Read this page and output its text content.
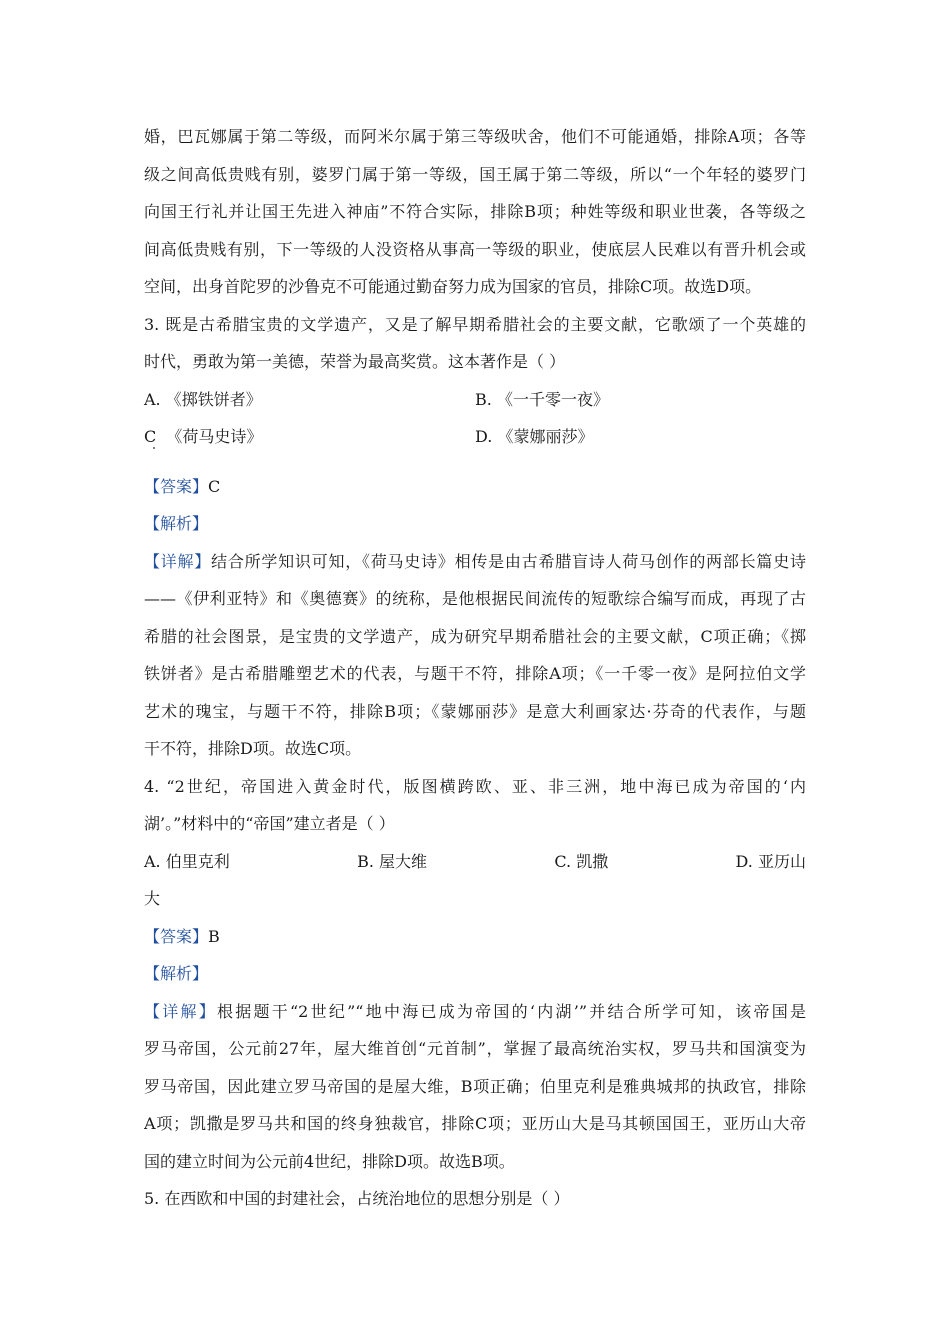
婚，巴瓦娜属于第二等级，而阿米尔属于第三等级吠舍，他们不可能通婚，排除A项；各等
级之间高低贵贱有别，婆罗门属于第一等级，国王属于第二等级，所以“一个年轻的婆罗门
向国王行礼并让国王先进入神庙”不符合实际，排除B项；种姓等级和职业世袭，各等级之
间高低贵贱有别，下一等级的人没资格从事高一等级的职业，使底层人民难以有晋升机会或
空间，出身首陀罗的沙鲁克不可能通过勤奋努力成为国家的官员，排除C项。故选D项。
3. 既是古希腊宝贵的文学遗产，又是了解早期希腊社会的主要文献，它歌颂了一个英雄的
时代，勇敢为第一美德，荣誉为最高奖赏。这本著作是（ ）
A. 《掷铁饼者》	B. 《一千零一夜》
C 《荷马史诗》	D. 《蒙娜丽莎》
【答案】C
【解析】
【详解】结合所学知识可知，《荷马史诗》相传是由古希腊盲诗人荷马创作的两部长篇史诗
——《伊利亚特》和《奥德赛》的统称，是他根据民间流传的短歌综合编写而成，再现了古
希腊的社会图景，是宝贵的文学遗产，成为研究早期希腊社会的主要文献，C项正确；《掷
铁饼者》是古希腊雕塑艺术的代表，与题干不符，排除A项；《一千零一夜》是阿拉伯文学
艺术的瑰宝，与题干不符，排除B项；《蒙娜丽莎》是意大利画家达·芬奇的代表作，与题
干不符，排除D项。故选C项。
4. “2世纪，帝国进入黄金时代，版图横跨欧、亚、非三洲，地中海已成为帝国的‘内
湖’。”材料中的“帝国”建立者是（ ）
A. 伯里克利	B. 屋大维	C. 凯撒	D. 亚历山
大
【答案】B
【解析】
【详解】根据题干“2世纪”“地中海已成为帝国的‘内湖’”并结合所学可知，该帝国是
罗马帝国，公元前27年，屋大维首创“元首制”，掌握了最高统治实权，罗马共和国演变为
罗马帝国，因此建立罗马帝国的是屋大维，B项正确；伯里克利是雅典城邦的执政官，排除
A项；凯撒是罗马共和国的终身独裁官，排除C项；亚历山大是马其顿国国王，亚历山大帝
国的建立时间为公元前4世纪，排除D项。故选B项。
5. 在西欧和中国的封建社会，占统治地位的思想分别是（ ）
